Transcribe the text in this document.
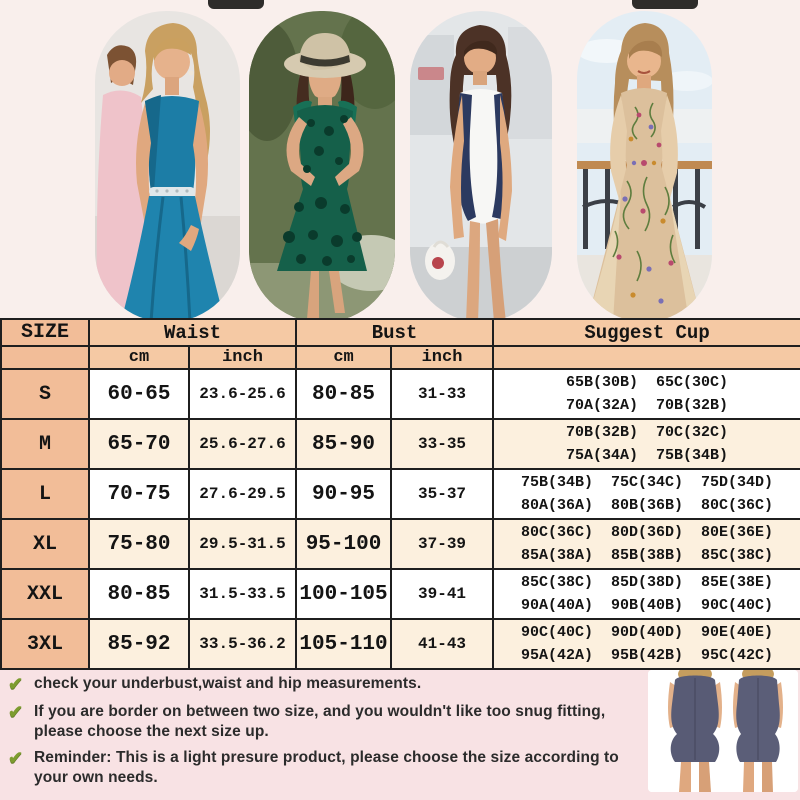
SIZE	Waist		Bust		Suggest Cup
	cm	inch	cm	inch	
S	60-65	23.6-25.6	80-85	31-33	65B(30B)  65C(30C)
70A(32A)  70B(32B)

M	65-70	25.6-27.6	85-90	33-35	70B(32B)  70C(32C)
75A(34A)  75B(34B)

L	70-75	27.6-29.5	90-95	35-37	75B(34B)  75C(34C)  75D(34D)
80A(36A)  80B(36B)  80C(36C)

XL	75-80	29.5-31.5	95-100	37-39	80C(36C)  80D(36D)  80E(36E)
85A(38A)  85B(38B)  85C(38C)

XXL	80-85	31.5-33.5	100-105	39-41	85C(38C)  85D(38D)  85E(38E)
90A(40A)  90B(40B)  90C(40C)

3XL	85-92	33.5-36.2	105-110	41-43	90C(40C)  90D(40D)  90E(40E)
95A(42A)  95B(42B)  95C(42C)
✔ check your underbust,waist and hip measurements.
✔ If you are border on between two size, and you wouldn't like too snug fitting, please choose the next size up.
✔ Reminder: This is a light presure product, please choose the size according to your own needs.
